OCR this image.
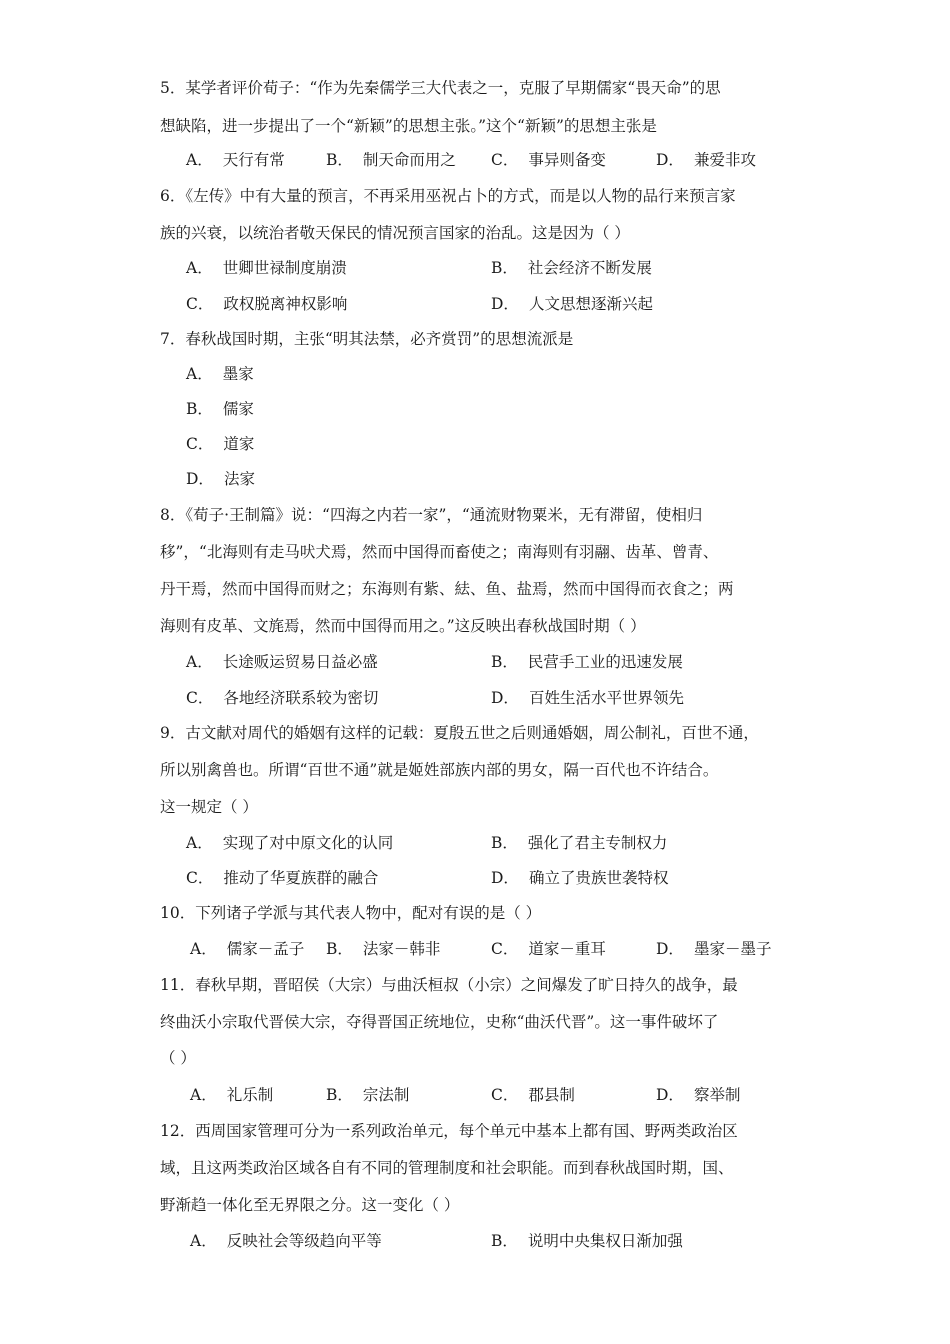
5．某学者评价荀子：“作为先秦儒学三大代表之一，克服了早期儒家“畏天命”的思
想缺陷，进一步提出了一个“新颖”的思想主张。”这个“新颖”的思想主张是
A． 天行有常	B． 制天命而用之 C． 事异则备变	D． 兼爱非攻
6．《左传》中有大量的预言，不再采用巫祝占卜的方式，而是以人物的品行来预言家
族的兴衰，以统治者敬天保民的情况预言国家的治乱。这是因为（ ）
A． 世卿世禄制度崩溃	B． 社会经济不断发展
C． 政权脱离神权影响	D． 人文思想逐渐兴起
7．春秋战国时期，主张“明其法禁，必齐赏罚”的思想流派是
A． 墨家
B． 儒家
C． 道家
D． 法家
8．《荀子·王制篇》说：“四海之内若一家”，“通流财物粟米，无有滞留，使相归
移”，“北海则有走马吠犬焉，然而中国得而畜使之；南海则有羽翮、齿革、曾青、
丹干焉，然而中国得而财之；东海则有紫、紶、鱼、盐焉，然而中国得而衣食之；两
海则有皮革、文旄焉，然而中国得而用之。”这反映出春秋战国时期（ ）
A． 长途贩运贸易日益必盛	B． 民营手工业的迅速发展
C． 各地经济联系较为密切	D． 百姓生活水平世界领先
9．古文献对周代的婚姻有这样的记载：夏殷五世之后则通婚姻，周公制礼，百世不通，
所以别禽兽也。所谓“百世不通”就是姬姓部族内部的男女，隔一百代也不许结合。
这一规定（ ）
A． 实现了对中原文化的认同	B． 强化了君主专制权力
C． 推动了华夏族群的融合	D． 确立了贵族世袭特权
10．下列诸子学派与其代表人物中，配对有误的是（ ）
A． 儒家－孟子 B． 法家－韩非	C． 道家－重耳	D． 墨家－墨子
11．春秋早期，晋昭侯（大宗）与曲沃桓叔（小宗）之间爆发了旷日持久的战争，最
终曲沃小宗取代晋侯大宗，夺得晋国正统地位，史称“曲沃代晋”。这一事件破坏了
（ ）
A． 礼乐制	B． 宗法制	C． 郡县制	D． 察举制
12．西周国家管理可分为一系列政治单元，每个单元中基本上都有国、野两类政治区
域，且这两类政治区域各自有不同的管理制度和社会职能。而到春秋战国时期，国、
野渐趋一体化至无界限之分。这一变化（ ）
A． 反映社会等级趋向平等	B． 说明中央集权日渐加强
